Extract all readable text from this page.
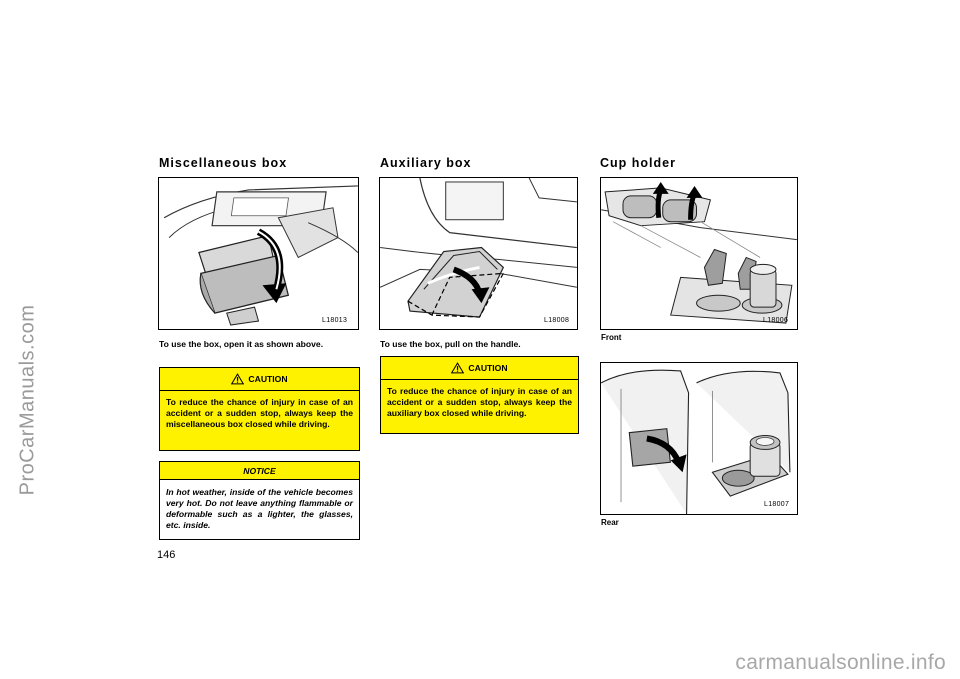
ProCarManuals.com
carmanualsonline.info
Miscellaneous box
L18013
To use the box, open it as shown above.
CAUTION
To reduce the chance of injury in case of an accident or a sudden stop, always keep the miscellaneous box closed while driving.
NOTICE
In hot weather, inside of the vehicle becomes very hot. Do not leave anything flammable or deformable such as a lighter, the glasses, etc. inside.
146
Auxiliary box
L18008
To use the box, pull on the handle.
CAUTION
To reduce the chance of injury in case of an accident or a sudden stop, always keep the auxiliary box closed while driving.
Cup holder
L18006
Front
L18007
Rear
